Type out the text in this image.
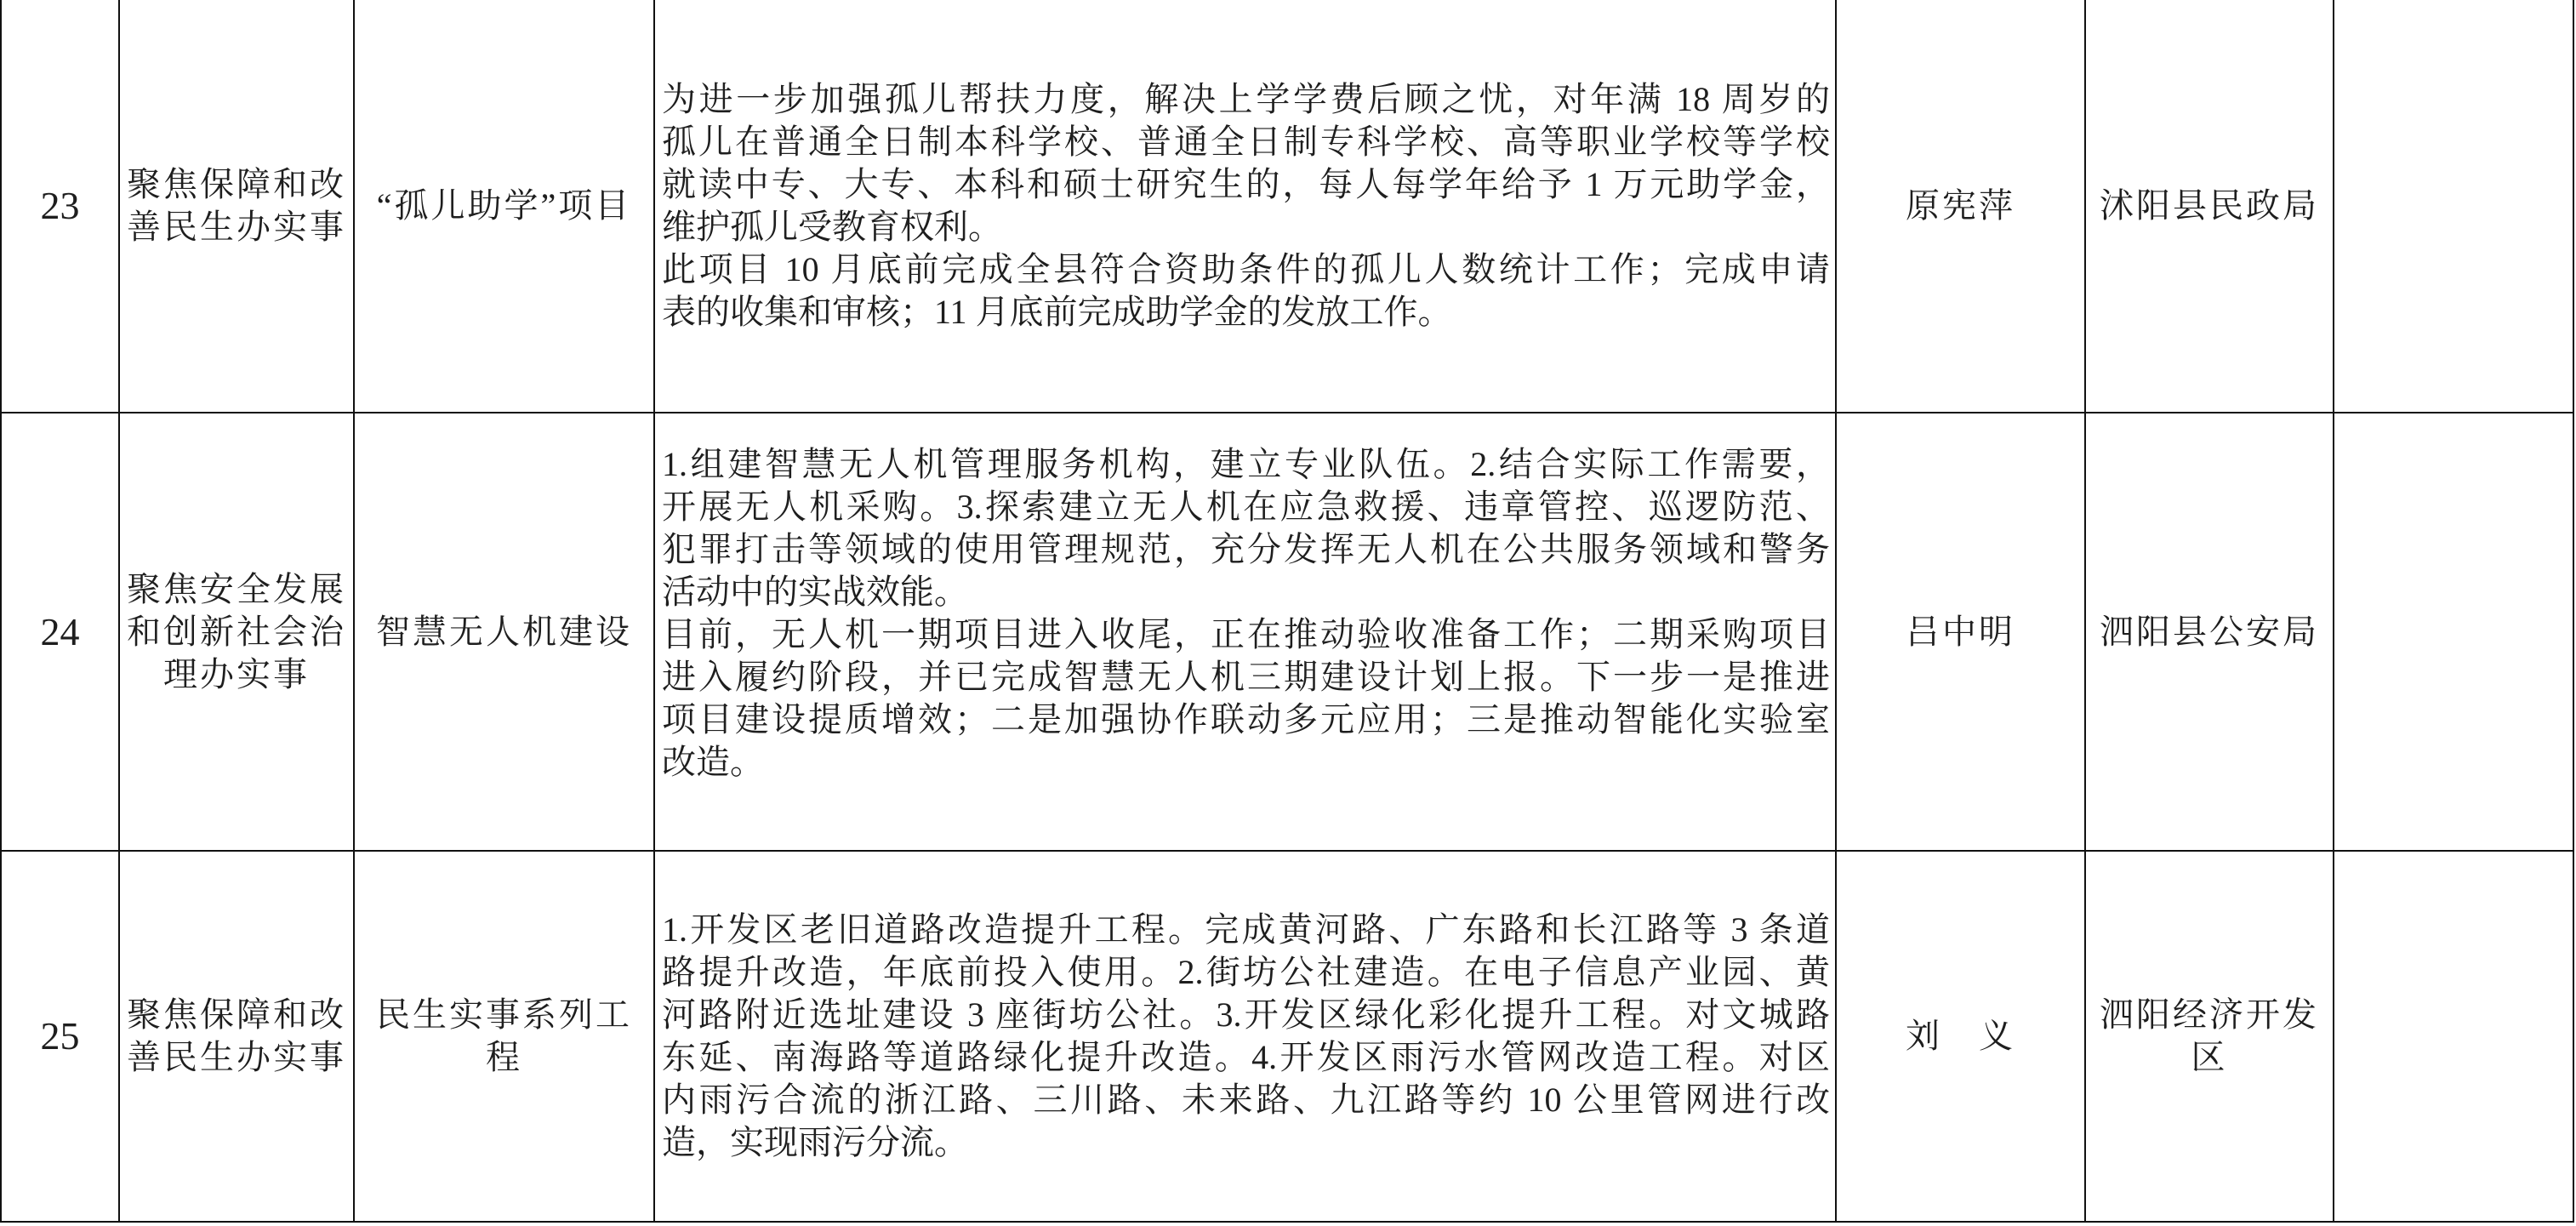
23 聚焦保障和改善民生办实事
“孤儿助学”项目
为进一步加强孤儿帮扶力度，解决上学学费后顾之忧，对年满 18 周岁的
孤儿在普通全日制本科学校、普通全日制专科学校、高等职业学校等学校
就读中专、大专、本科和硕士研究生的，每人每学年给予 1 万元助学金，
维护孤儿受教育权利。
此项目 10 月底前完成全县符合资助条件的孤儿人数统计工作；完成申请
表的收集和审核；11 月底前完成助学金的发放工作。
原宪萍 沭阳县民政局
24
聚焦安全发展和创新社会治理办实事
智慧无人机建设
1.组建智慧无人机管理服务机构，建立专业队伍。2.结合实际工作需要，
开展无人机采购。3.探索建立无人机在应急救援、违章管控、巡逻防范、
犯罪打击等领域的使用管理规范，充分发挥无人机在公共服务领域和警务
活动中的实战效能。
目前，无人机一期项目进入收尾，正在推动验收准备工作；二期采购项目
进入履约阶段，并已完成智慧无人机三期建设计划上报。下一步一是推进
项目建设提质增效；二是加强协作联动多元应用；三是推动智能化实验室
改造。
吕中明 泗阳县公安局
25 聚焦保障和改善民生办实事
民生实事系列工程
1.开发区老旧道路改造提升工程。完成黄河路、广东路和长江路等 3 条道
路提升改造，年底前投入使用。2.街坊公社建造。在电子信息产业园、黄
河路附近选址建设 3 座街坊公社。3.开发区绿化彩化提升工程。对文城路
东延、南海路等道路绿化提升改造。4.开发区雨污水管网改造工程。对区
内雨污合流的浙江路、三川路、未来路、九江路等约 10 公里管网进行改
造，实现雨污分流。
刘　义
泗阳经济开发区
